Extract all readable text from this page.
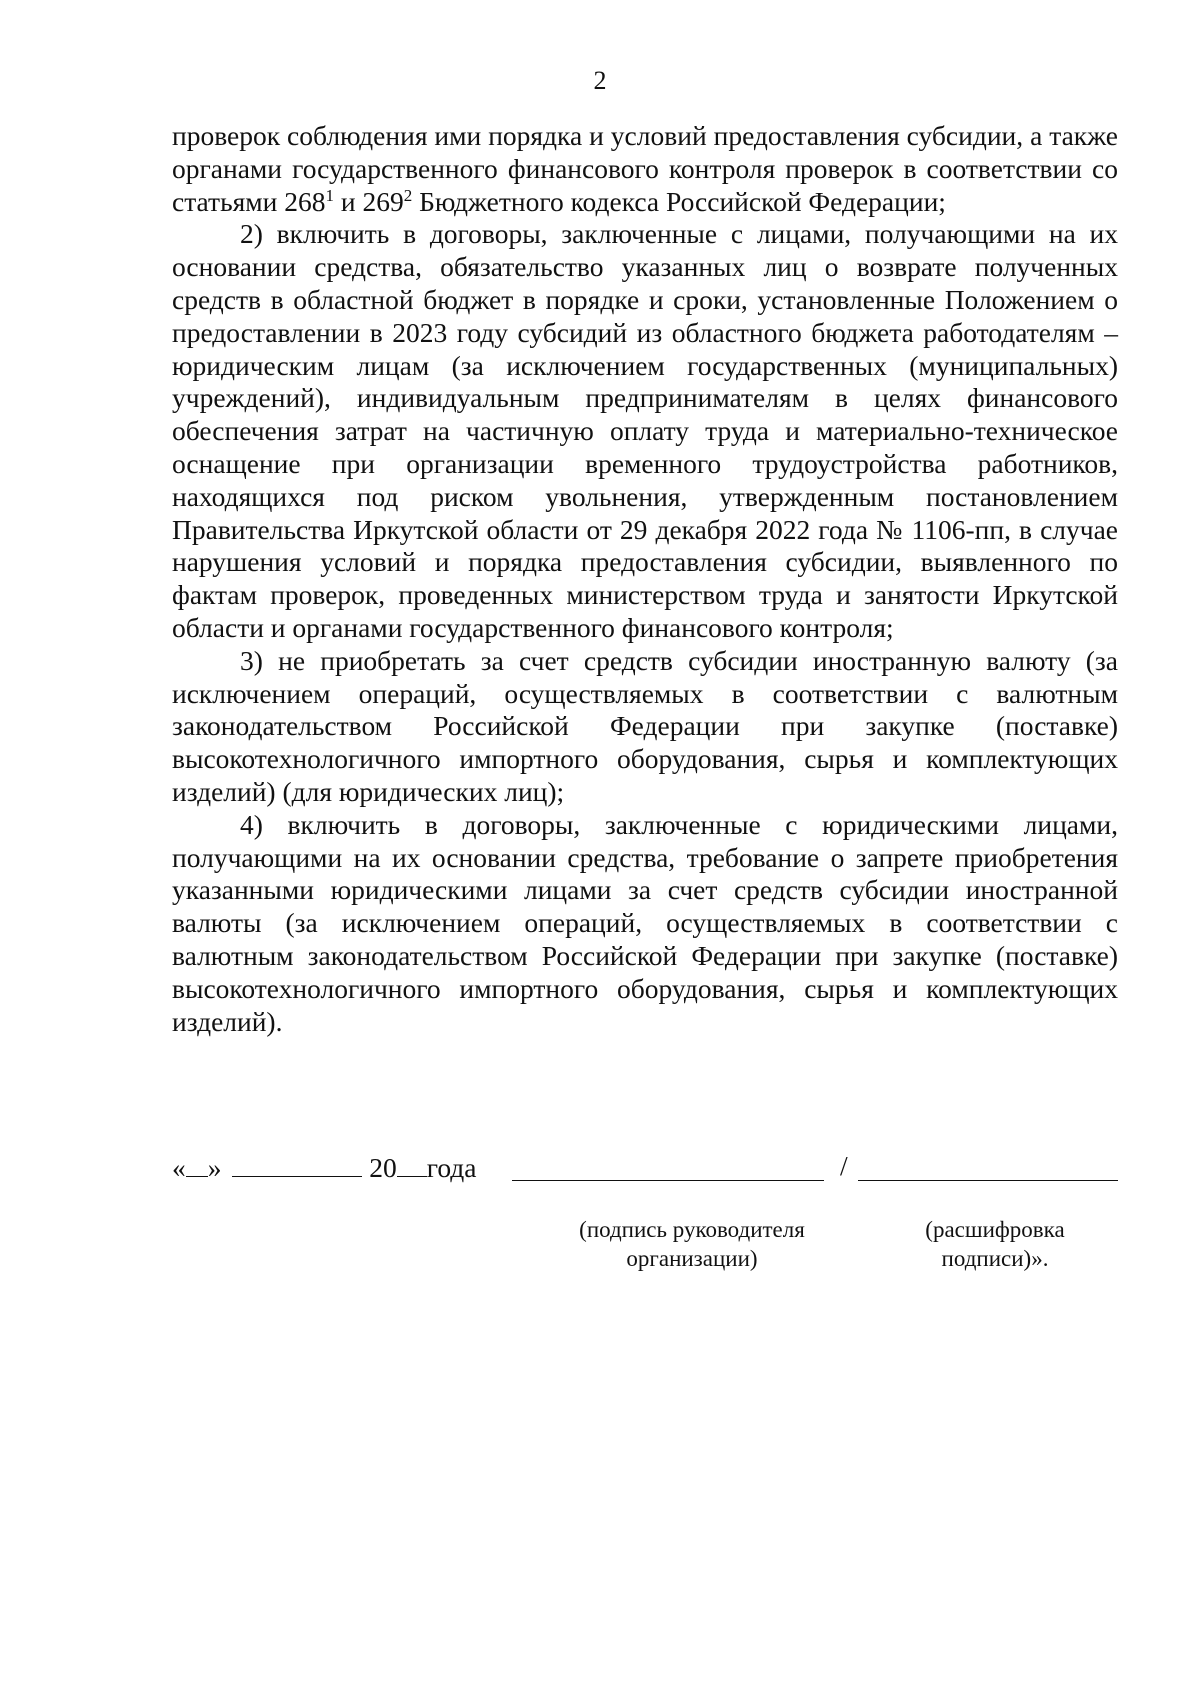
2

проверок соблюдения ими порядка и условий предоставления субсидии, а также органами государственного финансового контроля проверок в соответствии со статьями $268^1$ и $269^2$ Бюджетного кодекса Российской Федерации;

2) включить в договоры, заключенные с лицами, получающими на их основании средства, обязательство указанных лиц о возврате полученных средств в областной бюджет в порядке и сроки, установленные Положением о предоставлении в 2023 году субсидий из областного бюджета работодателям – юридическим лицам (за исключением государственных (муниципальных) учреждений), индивидуальным предпринимателям в целях финансового обеспечения затрат на частичную оплату труда и материально-техническое оснащение при организации временного трудоустройства работников, находящихся под риском увольнения, утвержденным постановлением Правительства Иркутской области от 29 декабря 2022 года № 1106-пп, в случае нарушения условий и порядка предоставления субсидии, выявленного по фактам проверок, проведенных министерством труда и занятости Иркутской области и органами государственного финансового контроля;

3) не приобретать за счет средств субсидии иностранную валюту (за исключением операций, осуществляемых в соответствии с валютным законодательством Российской Федерации при закупке (поставке) высокотехнологичного импортного оборудования, сырья и комплектующих изделий) (для юридических лиц);

4) включить в договоры, заключенные с юридическими лицами, получающими на их основании средства, требование о запрете приобретения указанными юридическими лицами за счет средств субсидии иностранной валюты (за исключением операций, осуществляемых в соответствии с валютным законодательством Российской Федерации при закупке (поставке) высокотехнологичного импортного оборудования, сырья и комплектующих изделий).

« »	20 года	/
(подпись руководителя
организации)
(расшифровка
подписи)».
